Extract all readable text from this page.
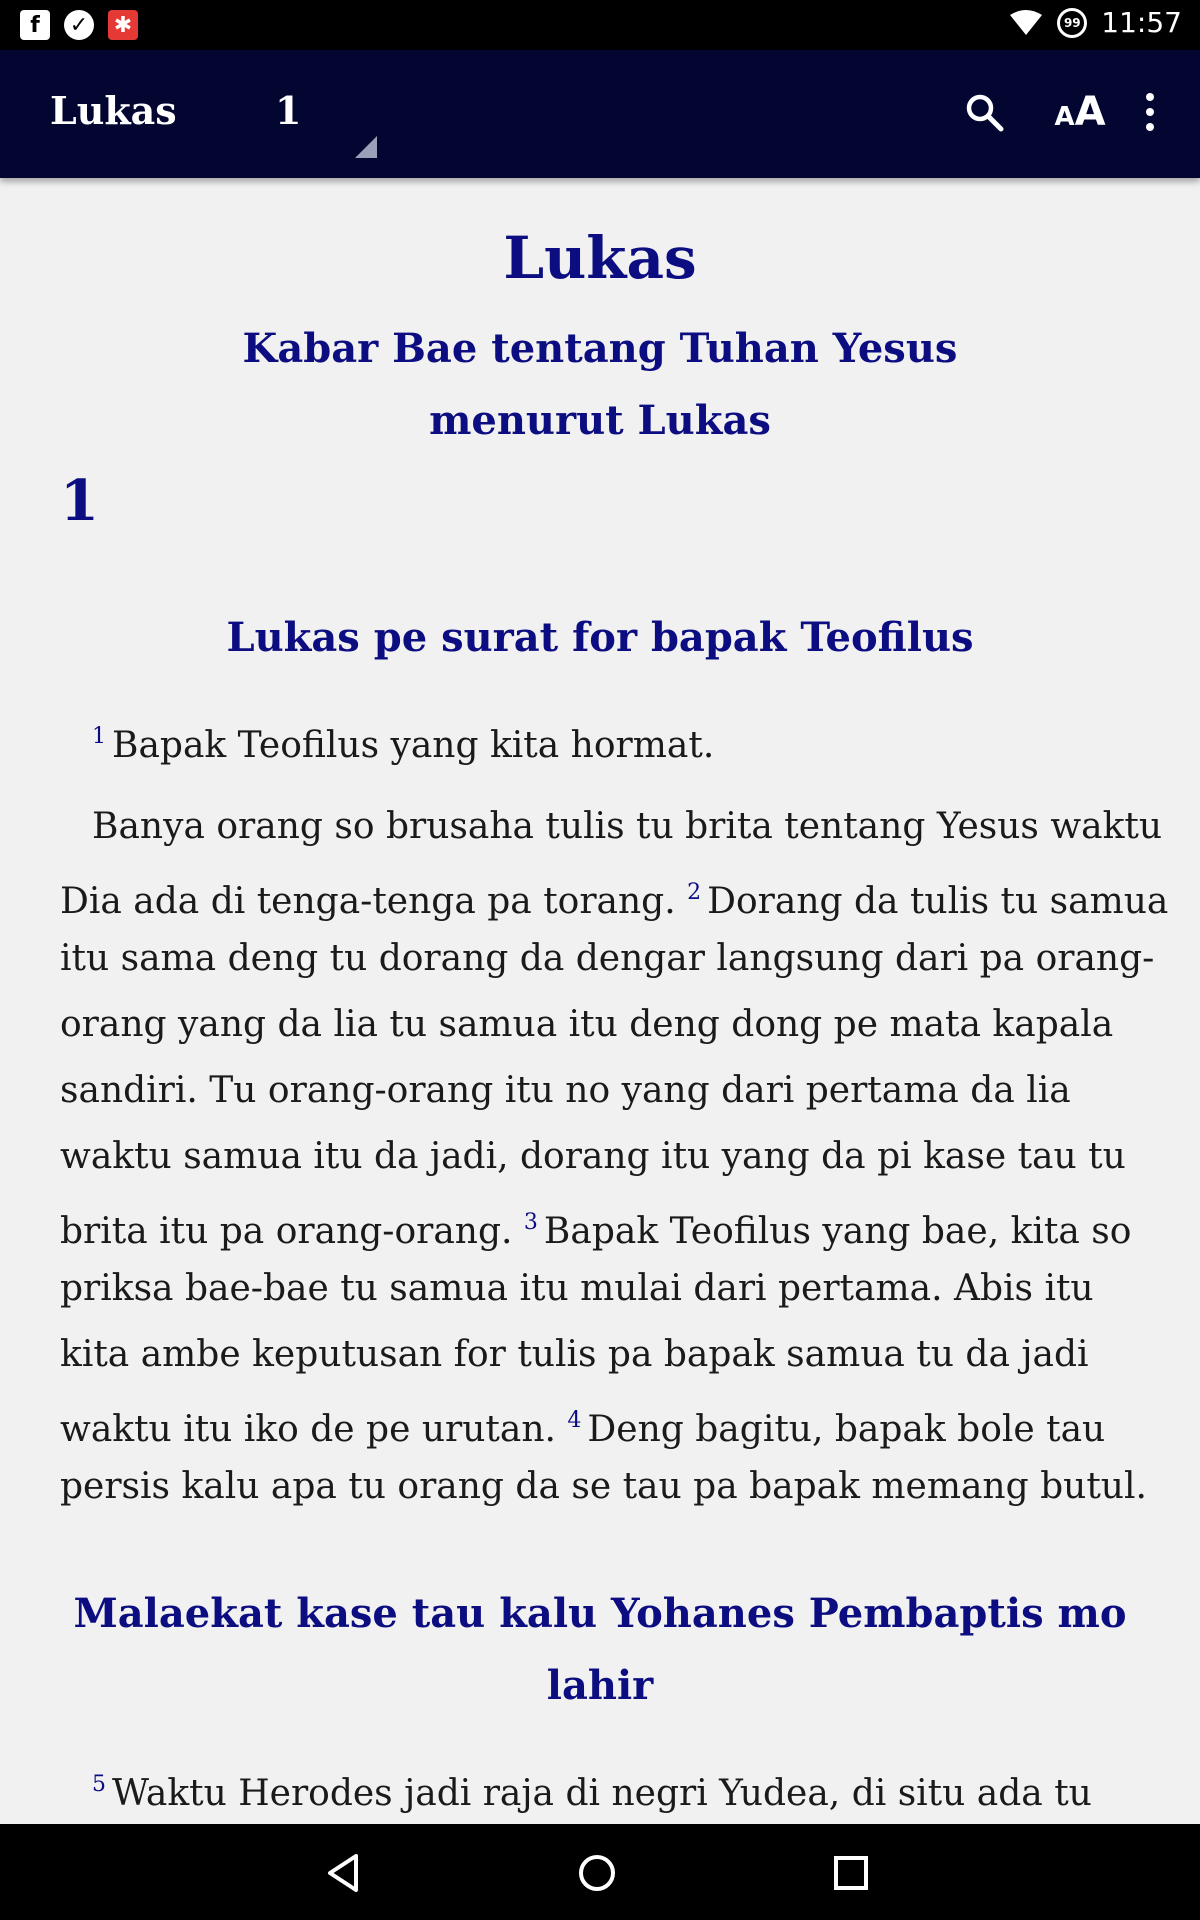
f	✓ ✱	99 11:57
Lukas	1	A A
Lukas
Kabar Bae tentang Tuhan Yesus
menurut Lukas
1
Lukas pe surat for bapak Teofilus
$^1$ Bapak Teofilus yang kita hormat.
Banya orang so brusaha tulis tu brita tentang Yesus waktu
Dia ada di tenga-tenga pa torang. $^2$ Dorang da tulis tu samua
itu sama deng tu dorang da dengar langsung dari pa orang-
orang yang da lia tu samua itu deng dong pe mata kapala
sandiri. Tu orang-orang itu no yang dari pertama da lia
waktu samua itu da jadi, dorang itu yang da pi kase tau tu
brita itu pa orang-orang. $^3$ Bapak Teofilus yang bae, kita so
priksa bae-bae tu samua itu mulai dari pertama. Abis itu
kita ambe keputusan for tulis pa bapak samua tu da jadi
waktu itu iko de pe urutan. $^4$ Deng bagitu, bapak bole tau
persis kalu apa tu orang da se tau pa bapak memang butul.
Malaekat kase tau kalu Yohanes Pembaptis mo
lahir
$^5$ Waktu Herodes jadi raja di negri Yudea, di situ ada tu
